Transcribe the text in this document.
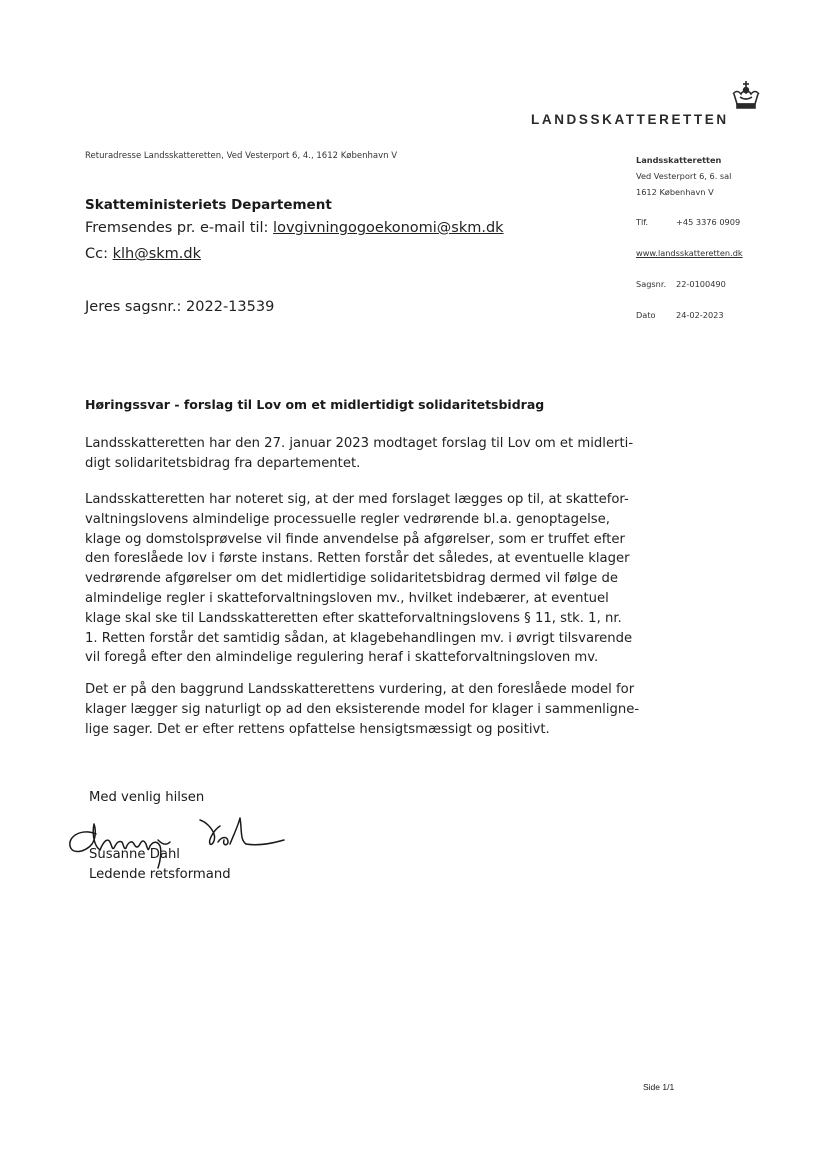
LANDSSKATTERETTEN
Returadresse Landsskatteretten, Ved Vesterport 6, 4., 1612 København V	Landsskatteretten
Ved Vesterport 6, 6. sal
1612 København V
Tlf.	+45 3376 0909
www.landsskatteretten.dk
Sagsnr. 22-0100490
Dato 24-02-2023
Skatteministeriets Departement
Fremsendes pr. e-mail til: lovgivningogoekonomi@skm.dk
Cc: klh@skm.dk
Jeres sagsnr.: 2022-13539
Høringssvar - forslag til Lov om et midlertidigt solidaritetsbidrag
Landsskatteretten har den 27. januar 2023 modtaget forslag til Lov om et midlerti-
digt solidaritetsbidrag fra departementet.
Landsskatteretten har noteret sig, at der med forslaget lægges op til, at skattefor-
valtningslovens almindelige processuelle regler vedrørende bl.a. genoptagelse,
klage og domstolsprøvelse vil finde anvendelse på afgørelser, som er truffet efter
den foreslåede lov i første instans. Retten forstår det således, at eventuelle klager
vedrørende afgørelser om det midlertidige solidaritetsbidrag dermed vil følge de
almindelige regler i skatteforvaltningsloven mv., hvilket indebærer, at eventuel
klage skal ske til Landsskatteretten efter skatteforvaltningslovens § 11, stk. 1, nr.
1. Retten forstår det samtidig sådan, at klagebehandlingen mv. i øvrigt tilsvarende
vil foregå efter den almindelige regulering heraf i skatteforvaltningsloven mv.
Det er på den baggrund Landsskatterettens vurdering, at den foreslåede model for
klager lægger sig naturligt op ad den eksisterende model for klager i sammenligne-
lige sager. Det er efter rettens opfattelse hensigtsmæssigt og positivt.
Med venlig hilsen
Susanne Dahl
Ledende retsformand
Side 1/1
